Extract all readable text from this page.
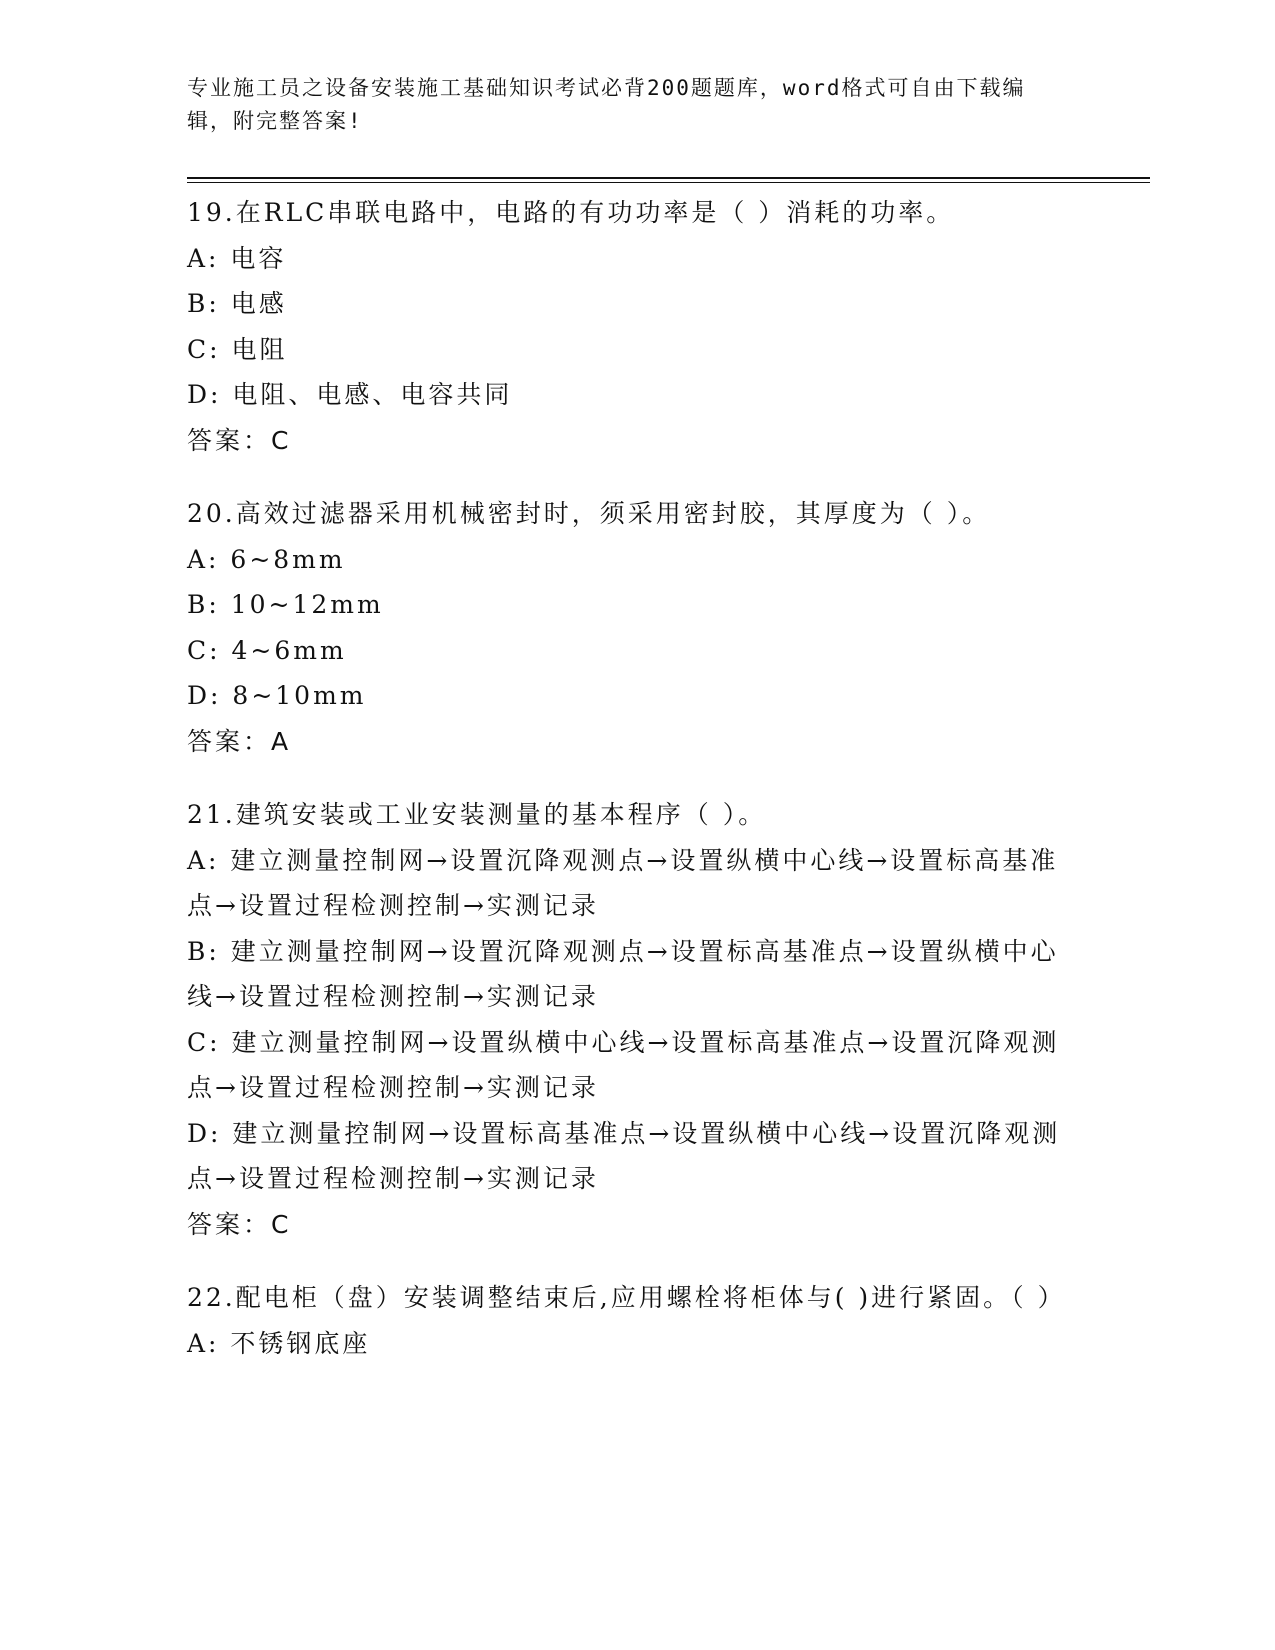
专业施工员之设备安装施工基础知识考试必背200题题库，word格式可自由下载编辑，附完整答案!
19.在RLC串联电路中，电路的有功功率是（ ）消耗的功率。
A: 电容
B: 电感
C: 电阻
D: 电阻、电感、电容共同
答案：C
20.高效过滤器采用机械密封时，须采用密封胶，其厚度为（ ）。
A: 6~8mm
B: 10~12mm
C: 4~6mm
D: 8~10mm
答案：A
21.建筑安装或工业安装测量的基本程序（ ）。
A: 建立测量控制网→设置沉降观测点→设置纵横中心线→设置标高基准点→设置过程检测控制→实测记录
B: 建立测量控制网→设置沉降观测点→设置标高基准点→设置纵横中心线→设置过程检测控制→实测记录
C: 建立测量控制网→设置纵横中心线→设置标高基准点→设置沉降观测点→设置过程检测控制→实测记录
D: 建立测量控制网→设置标高基准点→设置纵横中心线→设置沉降观测点→设置过程检测控制→实测记录
答案：C
22.配电柜（盘）安装调整结束后,应用螺栓将柜体与( )进行紧固。（ ）
A: 不锈钢底座
